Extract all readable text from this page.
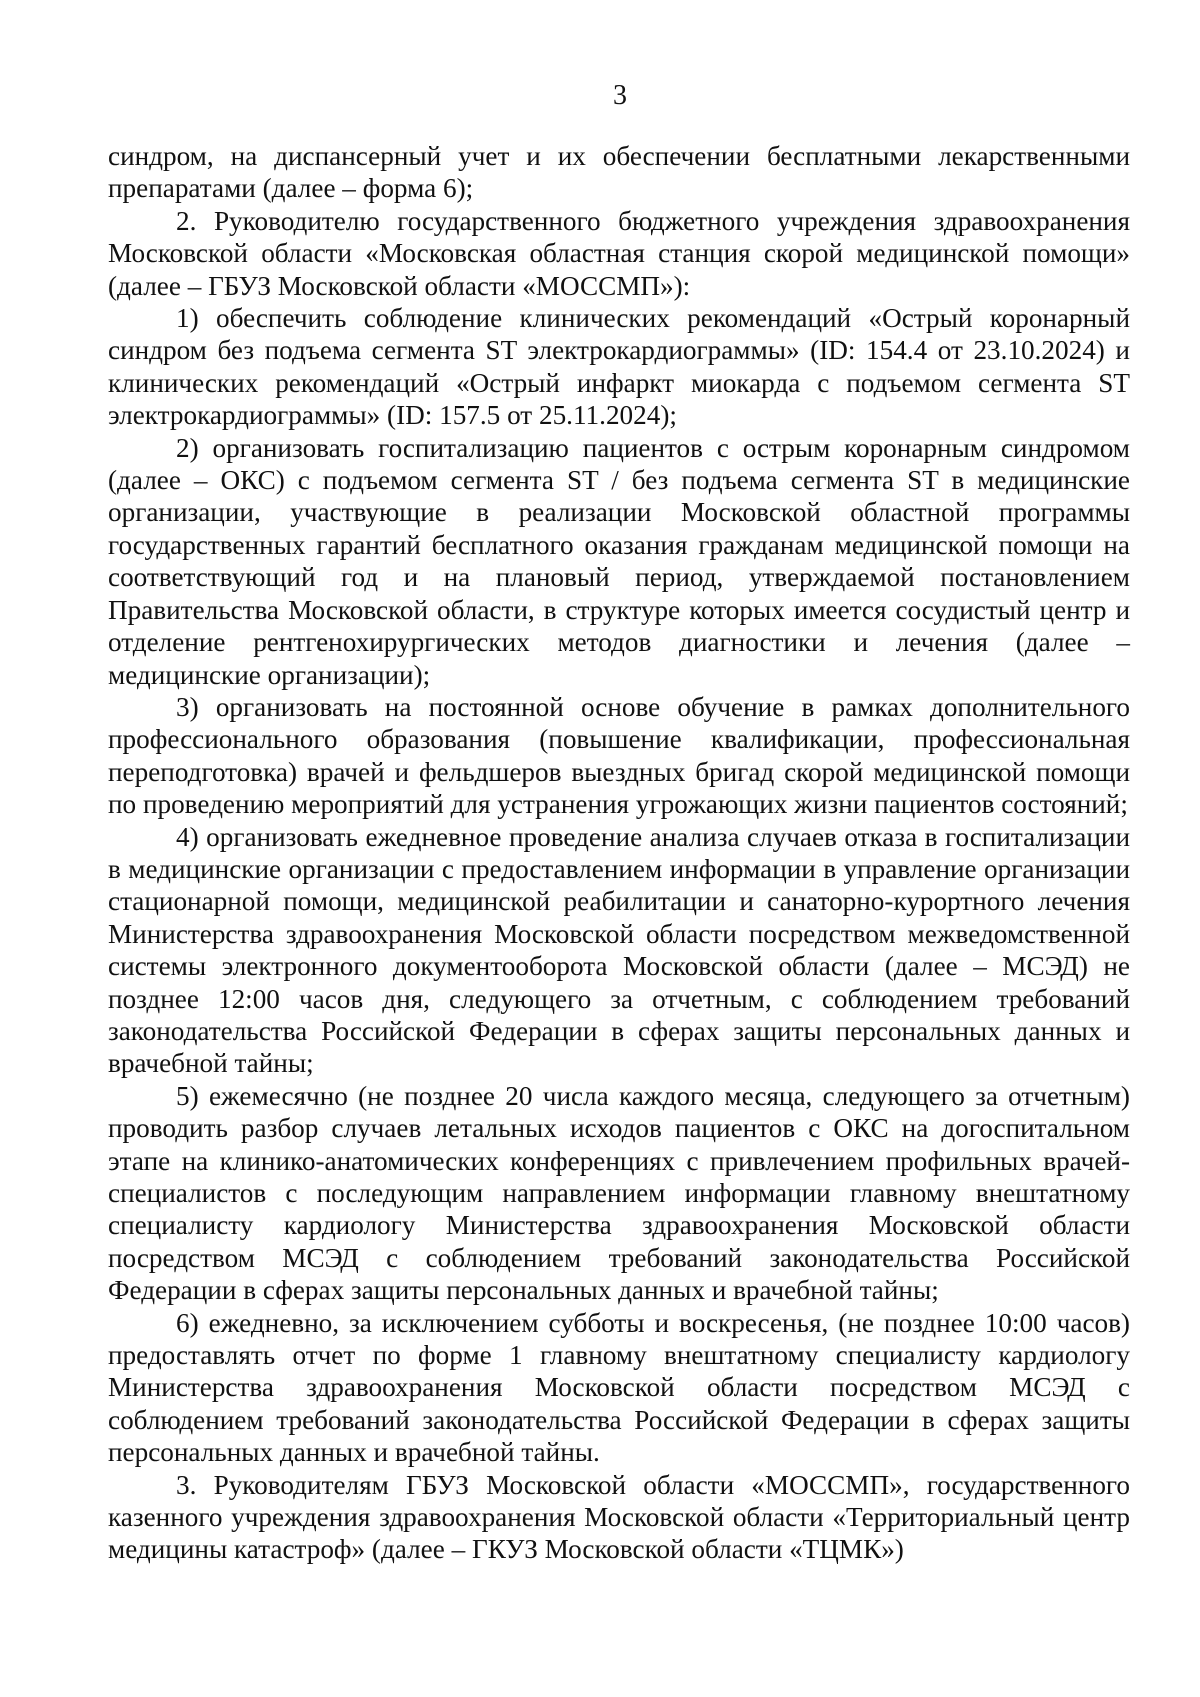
3

синдром, на диспансерный учет и их обеспечении бесплатными лекарственными препаратами (далее – форма 6);

2. Руководителю государственного бюджетного учреждения здравоохранения Московской области «Московская областная станция скорой медицинской помощи» (далее – ГБУЗ Московской области «МОССМП»):

1) обеспечить соблюдение клинических рекомендаций «Острый коронарный синдром без подъема сегмента ST электрокардиограммы» (ID: 154.4 от 23.10.2024) и клинических рекомендаций «Острый инфаркт миокарда с подъемом сегмента ST электрокардиограммы» (ID: 157.5 от 25.11.2024);

2) организовать госпитализацию пациентов с острым коронарным синдромом (далее – ОКС) с подъемом сегмента ST / без подъема сегмента ST в медицинские организации, участвующие в реализации Московской областной программы государственных гарантий бесплатного оказания гражданам медицинской помощи на соответствующий год и на плановый период, утверждаемой постановлением Правительства Московской области, в структуре которых имеется сосудистый центр и отделение рентгенохирургических методов диагностики и лечения (далее – медицинские организации);

3) организовать на постоянной основе обучение в рамках дополнительного профессионального образования (повышение квалификации, профессиональная переподготовка) врачей и фельдшеров выездных бригад скорой медицинской помощи по проведению мероприятий для устранения угрожающих жизни пациентов состояний;

4) организовать ежедневное проведение анализа случаев отказа в госпитализации в медицинские организации с предоставлением информации в управление организации стационарной помощи, медицинской реабилитации и санаторно-курортного лечения Министерства здравоохранения Московской области посредством межведомственной системы электронного документооборота Московской области (далее – МСЭД) не позднее 12:00 часов дня, следующего за отчетным, с соблюдением требований законодательства Российской Федерации в сферах защиты персональных данных и врачебной тайны;

5) ежемесячно (не позднее 20 числа каждого месяца, следующего за отчетным) проводить разбор случаев летальных исходов пациентов с ОКС на догоспитальном этапе на клинико-анатомических конференциях с привлечением профильных врачей-специалистов с последующим направлением информации главному внештатному специалисту кардиологу Министерства здравоохранения Московской области посредством МСЭД с соблюдением требований законодательства Российской Федерации в сферах защиты персональных данных и врачебной тайны;

6) ежедневно, за исключением субботы и воскресенья, (не позднее 10:00 часов) предоставлять отчет по форме 1 главному внештатному специалисту кардиологу Министерства здравоохранения Московской области посредством МСЭД с соблюдением требований законодательства Российской Федерации в сферах защиты персональных данных и врачебной тайны.

3. Руководителям ГБУЗ Московской области «МОССМП», государственного казенного учреждения здравоохранения Московской области «Территориальный центр медицины катастроф» (далее – ГКУЗ Московской области «ТЦМК»)
